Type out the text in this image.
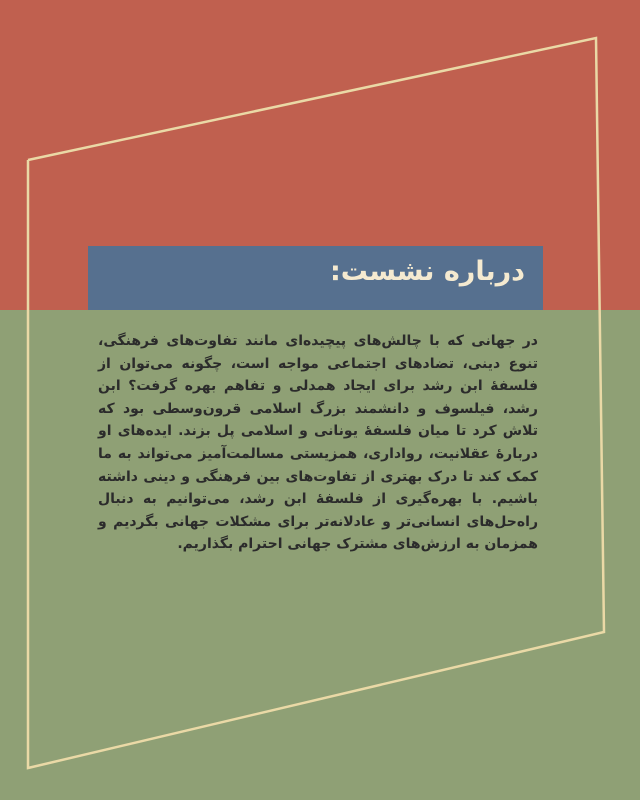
درباره نشست:
در جهانی که با چالش‌های پیچیده‌ای مانند تفاوت‌های فرهنگی، تنوع دینی، تضادهای اجتماعی مواجه است، چگونه می‌توان از فلسفهٔ ابن رشد برای ایجاد همدلی و تفاهم بهره گرفت؟ ابن رشد، فیلسوف و دانشمند بزرگ اسلامی قرون‌وسطی بود که تلاش کرد تا میان فلسفهٔ یونانی و اسلامی پل بزند. ایده‌های او دربارهٔ عقلانیت، رواداری، همزیستی مسالمت‌آمیز می‌تواند به ما کمک کند تا درک بهتری از تفاوت‌های بین فرهنگی و دینی داشته باشیم. با بهره‌گیری از فلسفهٔ ابن رشد، می‌توانیم به دنبال راه‌حل‌های انسانی‌تر و عادلانه‌تر برای مشکلات جهانی بگردیم و همزمان به ارزش‌های مشترک جهانی احترام بگذاریم.
